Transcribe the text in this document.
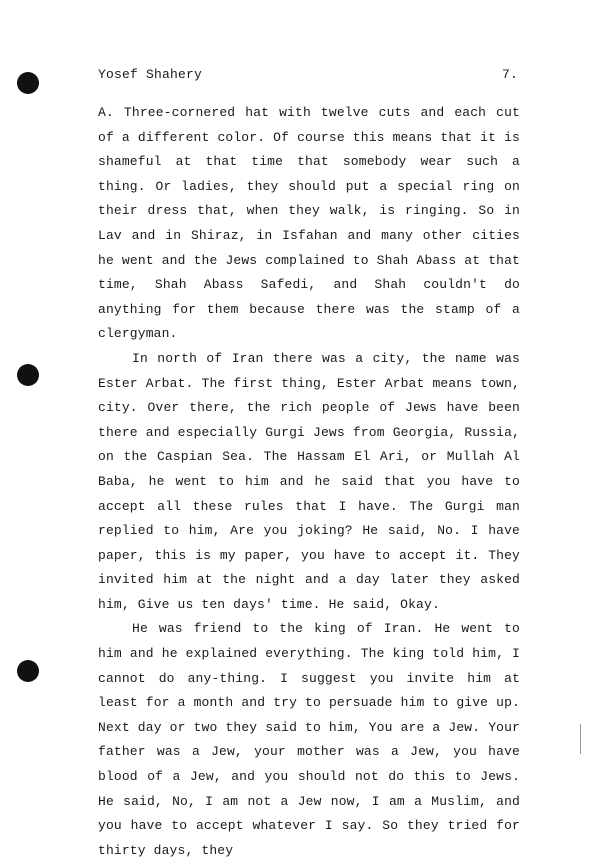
Yosef Shahery	7.

A. Three-cornered hat with twelve cuts and each cut of a different color. Of course this means that it is shameful at that time that somebody wear such a thing. Or ladies, they should put a special ring on their dress that, when they walk, is ringing. So in Lav and in Shiraz, in Isfahan and many other cities he went and the Jews complained to Shah Abass at that time, Shah Abass Safedi, and Shah couldn't do anything for them because there was the stamp of a clergyman.

In north of Iran there was a city, the name was Ester Arbat. The first thing, Ester Arbat means town, city. Over there, the rich people of Jews have been there and especially Gurgi Jews from Georgia, Russia, on the Caspian Sea. The Hassam El Ari, or Mullah Al Baba, he went to him and he said that you have to accept all these rules that I have. The Gurgi man replied to him, Are you joking? He said, No. I have paper, this is my paper, you have to accept it. They invited him at the night and a day later they asked him, Give us ten days' time. He said, Okay.

He was friend to the king of Iran. He went to him and he explained everything. The king told him, I cannot do any-thing. I suggest you invite him at least for a month and try to persuade him to give up. Next day or two they said to him, You are a Jew. Your father was a Jew, your mother was a Jew, you have blood of a Jew, and you should not do this to Jews. He said, No, I am not a Jew now, I am a Muslim, and you have to accept whatever I say. So they tried for thirty days, they
